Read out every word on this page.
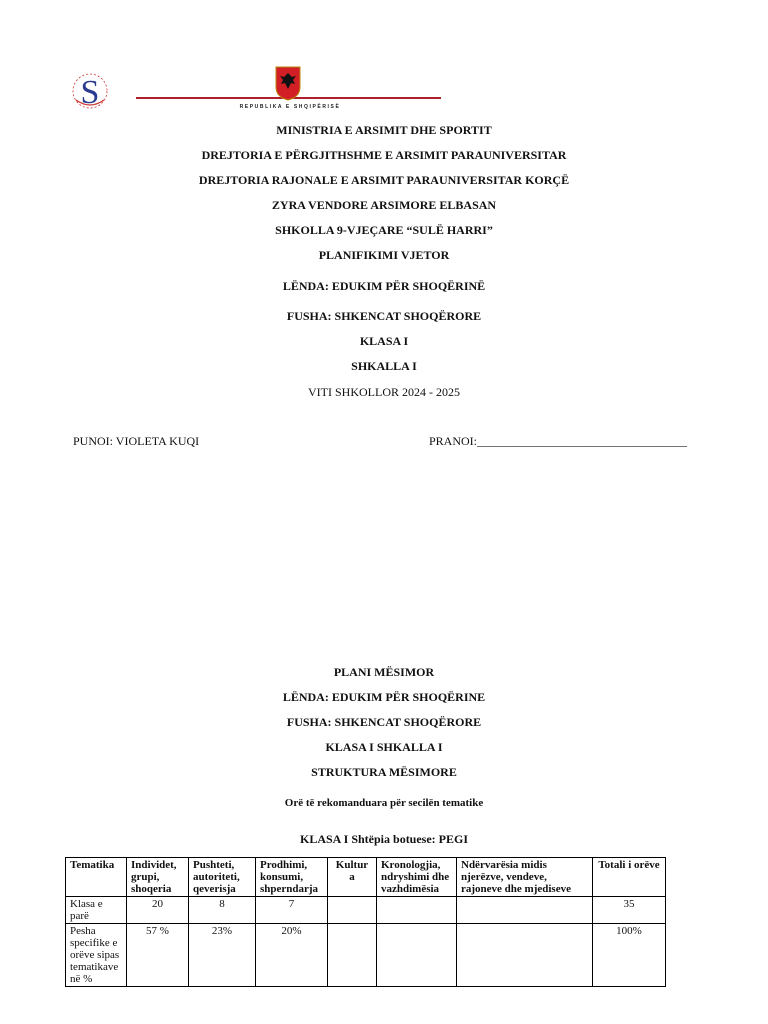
S	REPUBLIKA E SHQIPËRISË
MINISTRIA E ARSIMIT DHE SPORTIT
DREJTORIA E PËRGJITHSHME E ARSIMIT PARAUNIVERSITAR
DREJTORIA RAJONALE E ARSIMIT PARAUNIVERSITAR KORÇË
ZYRA VENDORE ARSIMORE ELBASAN
SHKOLLA 9-VJEÇARE “SULË HARRI”
PLANIFIKIMI VJETOR
LËNDA: EDUKIM PËR SHOQËRINË
FUSHA: SHKENCAT SHOQËRORE
KLASA I
SHKALLA I
VITI SHKOLLOR 2024 - 2025
PUNOI: VIOLETA KUQI	PRANOI:___________________________________
PLANI MËSIMOR
LËNDA: EDUKIM PËR SHOQËRINE
FUSHA: SHKENCAT SHOQËRORE
KLASA I SHKALLA I
STRUKTURA MËSIMORE
Orë të rekomanduara për secilën tematike
KLASA I Shtëpia botuese: PEGI
Tematika	Individet, grupi, shoqeria	Pushteti, autoriteti, qeverisja	Prodhimi, konsumi, shperndarja	Kultur a	Kronologjia, ndryshimi dhe vazhdimësia	Ndërvarësia midis njerëzve, vendeve, rajoneve dhe mjediseve	Totali i orëve
Klasa e parë	20	8	7				35
Pesha specifike e orëve sipas tematikave në %	57 %	23%	20%				100%
